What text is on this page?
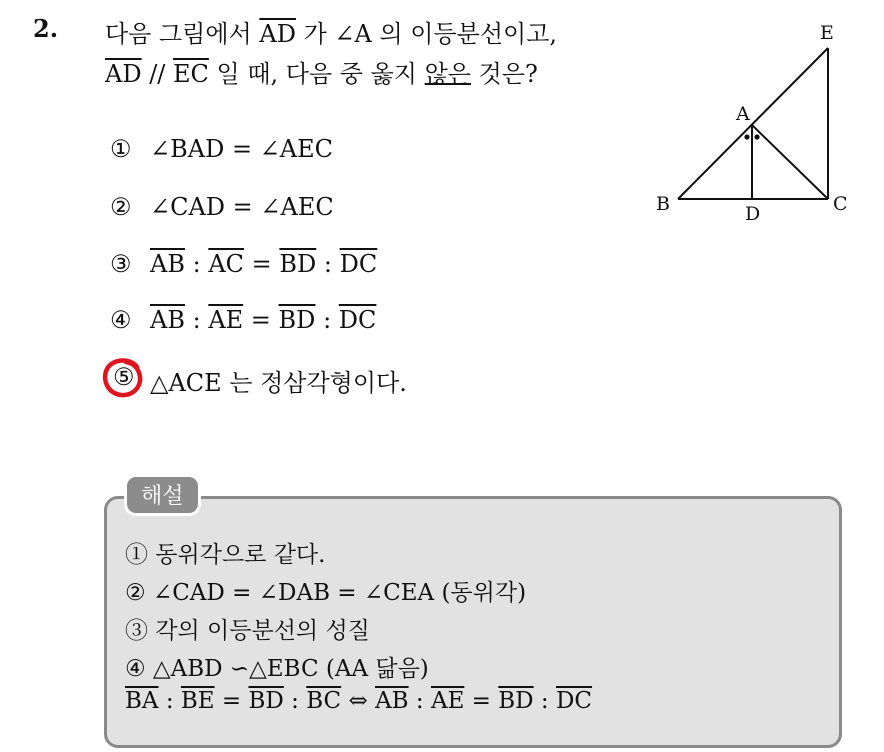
2. 다음 그림에서 $\overline{AD}$ 가 ∠A 의 이등분선이고,
$\overline{AD} // \overline{EC}$ 일 때, 다음 중 옳지 않은 것은?
① ∠BAD = ∠AEC
② ∠CAD = ∠AEC
③ $\overline{AB}$ : $\overline{AC} = \overline{BD}$ : $\overline{DC}$
④ $\overline{AB}$ : $\overline{AE} = \overline{BD}$ : $\overline{DC}$
⑤ △ACE 는 정삼각형이다.
A
B	C
D
E
해설
① 동위각으로 같다.
② ∠CAD = ∠DAB = ∠CEA (동위각)
③ 각의 이등분선의 성질
④ △ABD ∽△EBC (AA 닮음)
$\overline{BA}$ : $\overline{BE} = \overline{BD}$ : $\overline{BC}$ ⇔ $\overline{AB}$ : $\overline{AE} = \overline{BD}$ : $\overline{DC}$
